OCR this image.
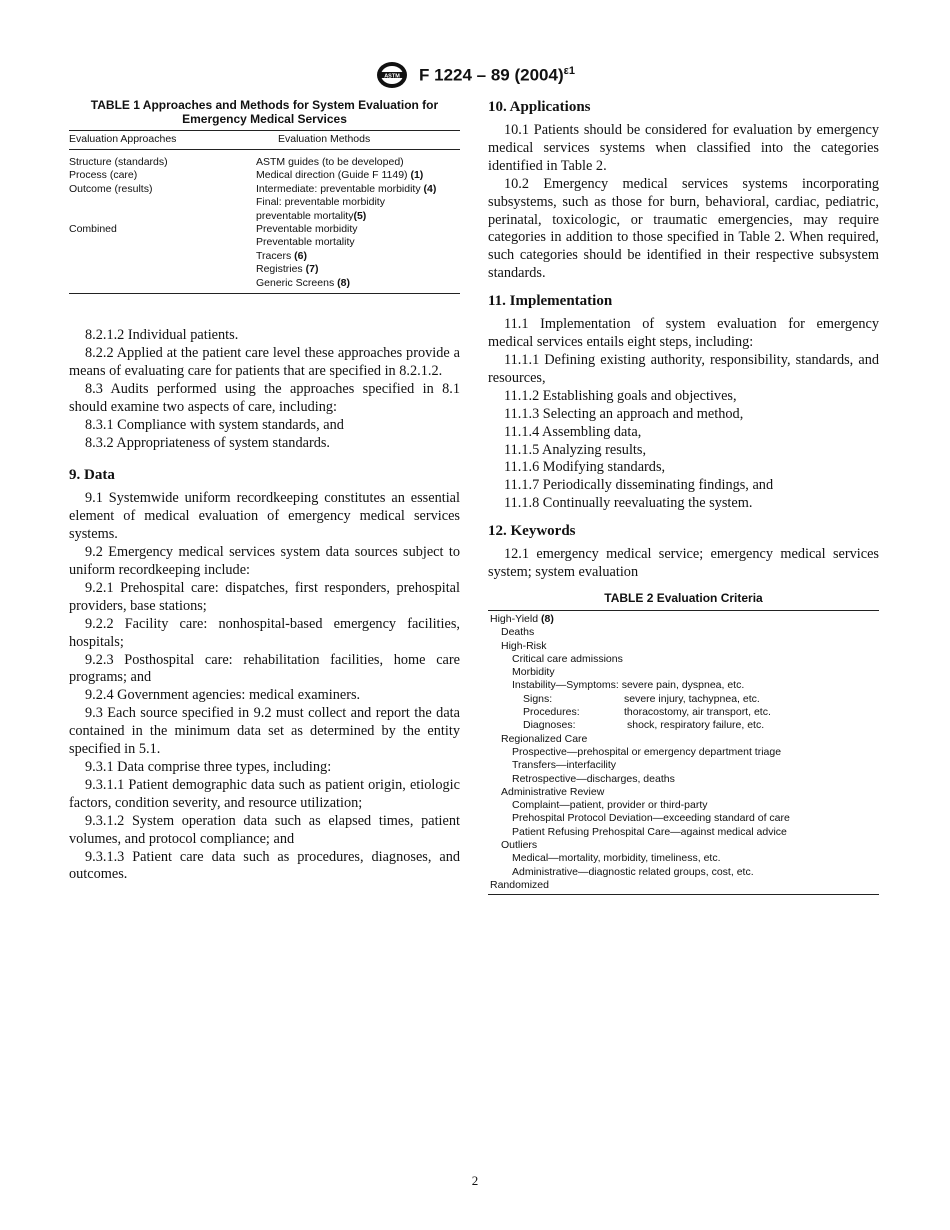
ASTM F 1224 – 89 $(2004)^{\varepsilon 1}$
TABLE 1 Approaches and Methods for System Evaluation for Emergency Medical Services
Evaluation Approaches	Evaluation Methods

Structure (standards)	ASTM guides (to be developed)
Process (care)	Medical direction (Guide F 1149) (1)
Outcome (results)	Intermediate: preventable morbidity (4)
	Final: preventable morbidity
	preventable mortality(5)
Combined	Preventable morbidity
	Preventable mortality
	Tracers (6)
	Registries (7)
	Generic Screens (8)

8.2.1.2 Individual patients.

8.2.2 Applied at the patient care level these approaches provide a means of evaluating care for patients that are specified in 8.2.1.2.

8.3 Audits performed using the approaches specified in 8.1 should examine two aspects of care, including:

8.3.1 Compliance with system standards, and

8.3.2 Appropriateness of system standards.

9. Data

9.1 Systemwide uniform recordkeeping constitutes an essential element of medical evaluation of emergency medical services systems.

9.2 Emergency medical services system data sources subject to uniform recordkeeping include:

9.2.1 Prehospital care: dispatches, first responders, prehospital providers, base stations;

9.2.2 Facility care: nonhospital-based emergency facilities, hospitals;

9.2.3 Posthospital care: rehabilitation facilities, home care programs; and

9.2.4 Government agencies: medical examiners.

9.3 Each source specified in 9.2 must collect and report the data contained in the minimum data set as determined by the entity specified in 5.1.

9.3.1 Data comprise three types, including:

9.3.1.1 Patient demographic data such as patient origin, etiologic factors, condition severity, and resource utilization;

9.3.1.2 System operation data such as elapsed times, patient volumes, and protocol compliance; and

9.3.1.3 Patient care data such as procedures, diagnoses, and outcomes.

10. Applications

10.1 Patients should be considered for evaluation by emergency medical services systems when classified into the categories identified in Table 2.

10.2 Emergency medical services systems incorporating subsystems, such as those for burn, behavioral, cardiac, pediatric, perinatal, toxicologic, or traumatic emergencies, may require categories in addition to those specified in Table 2. When required, such categories should be identified in their respective subsystem standards.

11. Implementation

11.1 Implementation of system evaluation for emergency medical services entails eight steps, including:

11.1.1 Defining existing authority, responsibility, standards, and resources,

11.1.2 Establishing goals and objectives,

11.1.3 Selecting an approach and method,

11.1.4 Assembling data,

11.1.5 Analyzing results,

11.1.6 Modifying standards,

11.1.7 Periodically disseminating findings, and

11.1.8 Continually reevaluating the system.

12. Keywords

12.1 emergency medical service; emergency medical services system; system evaluation

TABLE 2 Evaluation Criteria
High-Yield (8)
Deaths
High-Risk
Critical care admissions
Morbidity
Instability—Symptoms: severe pain, dyspnea, etc.
Signs:	severe injury, tachypnea, etc.
Procedures:	thoracostomy, air transport, etc.
Diagnoses:	shock, respiratory failure, etc.
Regionalized Care
Prospective—prehospital or emergency department triage
Transfers—interfacility
Retrospective—discharges, deaths
Administrative Review
Complaint—patient, provider or third-party
Prehospital Protocol Deviation—exceeding standard of care
Patient Refusing Prehospital Care—against medical advice
Outliers
Medical—mortality, morbidity, timeliness, etc.
Administrative—diagnostic related groups, cost, etc.
Randomized
2
